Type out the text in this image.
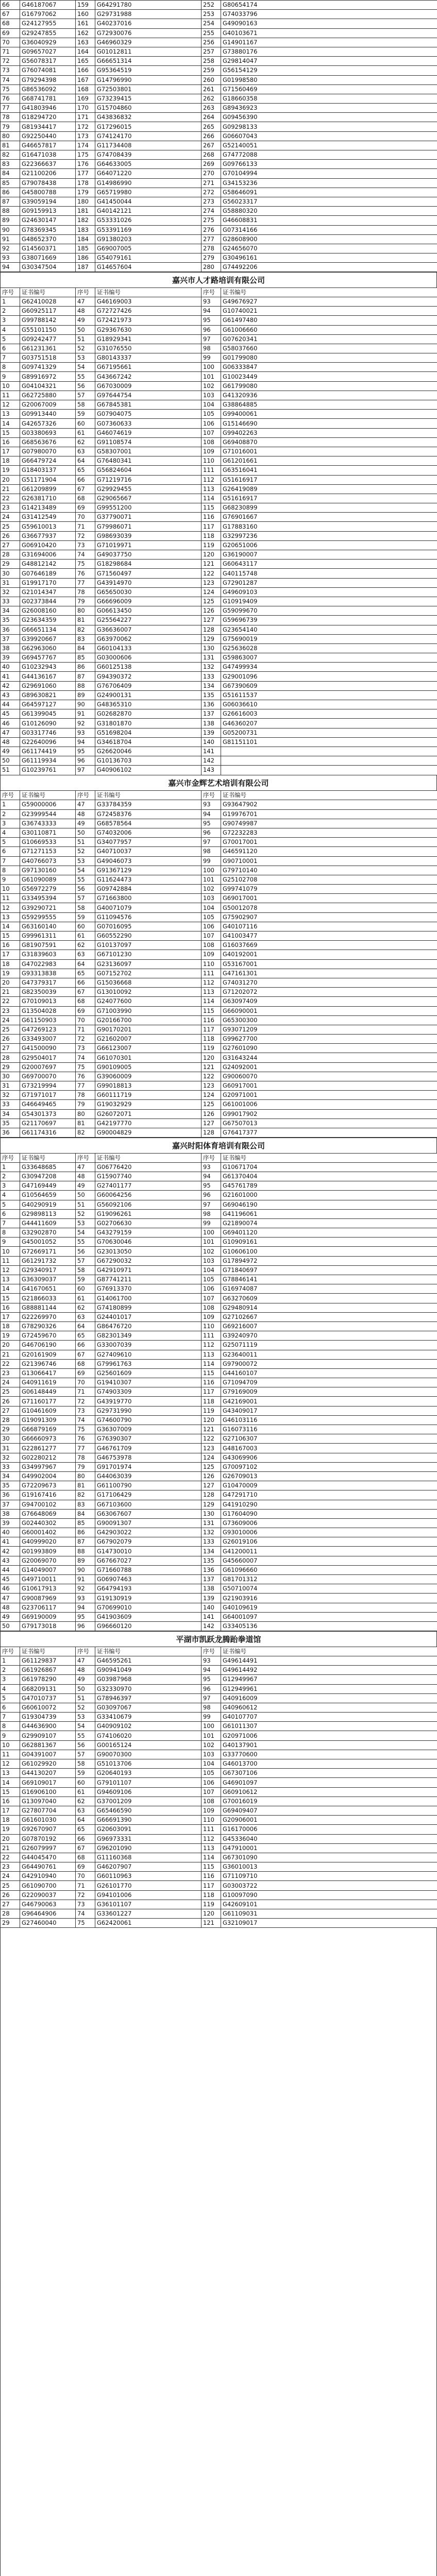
66	G46187067	159	G64291780	252	G80654174
67	G16797062	160	G29731988	253	G74033796
68	G24127955	161	G40237016	254	G49090163
69	G29247855	162	G72930076	255	G40103671
70	G36040929	163	G46960329	256	G14901167
71	G09657027	164	G01012811	257	G73880176
72	G56078317	165	G66651314	258	G29814047
73	G76074081	166	G95364519	259	G56154129
74	G79294398	167	G14796990	260	G01998580
75	G86536092	168	G72503801	261	G71560469
76	G68741781	169	G73239415	262	G18660358
77	G41803946	170	G15704860	263	G89436923
78	G18294720	171	G43836832	264	G09456390
79	G81934417	172	G17296015	265	G09298133
80	G92250440	173	G74124170	266	G06607043
81	G46657817	174	G11734408	267	G52140051
82	G16471038	175	G74708439	268	G74772088
83	G22366637	176	G64633005	269	G09766133
84	G21100206	177	G64071220	270	G70104994
85	G79078438	178	G14986990	271	G34153236
86	G45800788	179	G65719980	272	G58646091
87	G39059194	180	G41450044	273	G56023317
88	G09159913	181	G40142121	274	G58880320
89	G24630147	182	G53331026	275	G46608831
90	G78369345	183	G53391169	276	G07314166
91	G48652370	184	G91380203	277	G28608900
92	G14560371	185	G69007005	278	G24656070
93	G38071669	186	G54079161	279	G30496161
94	G30347504	187	G14657604	280	G74492206
嘉兴市人才路培训有限公司
序号	证书编号	序号	证书编号	序号	证书编号
1	G62410028	47	G46169003	93	G49676927
2	G60925117	48	G72727426	94	G10740021
3	G99788142	49	G72421973	95	G61497480
4	G55101150	50	G29367630	96	G61006660
5	G09242477	51	G18929341	97	G07620341
6	G61231361	52	G31076550	98	G58037660
7	G03751518	53	G80143337	99	G01799080
8	G09741329	54	G67195661	100	G06333847
9	G89916972	55	G43667242	101	G10023449
10	G04104321	56	G67030009	102	G61799080
11	G62725880	57	G97644754	103	G41320936
12	G20067009	58	G67845381	104	G38864885
13	G09913440	59	G07904075	105	G99400061
14	G42657326	60	G07360633	106	G15146690
15	G03380693	61	G46074619	107	G99402263
16	G68563676	62	G91108574	108	G69408870
17	G07980070	63	G58307001	109	G71016001
18	G66479724	64	G76480341	110	G61201661
19	G18403137	65	G56824604	111	G63516041
20	G51171904	66	G71219716	112	G51616917
21	G61209899	67	G29929455	113	G26419089
22	G26381710	68	G29065667	114	G51616917
23	G14213489	69	G99551200	115	G68230899
24	G31412549	70	G37790071	116	G76901667
25	G59610013	71	G79986071	117	G17883160
26	G36677937	72	G98693039	118	G32997236
27	G06910420	73	G71019971	119	G20651006
28	G31694006	74	G49037750	120	G36190007
29	G48812142	75	G18298684	121	G60643117
30	G07646189	76	G71560497	122	G40115748
31	G19917170	77	G43914970	123	G72901287
32	G21014347	78	G65650030	124	G49609103
33	G02373844	79	G66696009	125	G10919409
34	G26008160	80	G06613450	126	G59099670
35	G23634359	81	G25564227	127	G59696739
36	G66651134	82	G36636007	128	G23654140
37	G39920667	83	G63970062	129	G75690019
38	G62963060	84	G60104133	130	G25636028
39	G69457767	85	G03000606	131	G59863007
40	G10232943	86	G60125138	132	G47499934
41	G44136167	87	G94390372	133	G29001096
42	G29691060	88	G76706409	134	G67390609
43	G89630821	89	G24900131	135	G51611537
44	G64597127	90	G48365310	136	G06036610
45	G61399045	91	G02682870	137	G26616003
46	G10126090	92	G31801870	138	G46360207
47	G03317746	93	G51698204	139	G05200731
48	G22640096	94	G34618704	140	G81151101
49	G61174419	95	G26620046	141	
50	G61119934	96	G10136703	142	
51	G10239761	97	G40906102	143	
嘉兴市金辉艺术培训有限公司
序号	证书编号	序号	证书编号	序号	证书编号
1	G59000006	47	G33784359	93	G93647902
2	G23999544	48	G72458376	94	G19976701
3	G36743333	49	G68578564	95	G90749987
4	G30110871	50	G74032006	96	G72232283
5	G10669533	51	G34077957	97	G70017001
6	G71271153	52	G40710037	98	G46591120
7	G40766073	53	G49046073	99	G90710001
8	G97130160	54	G91367129	100	G79710140
9	G61090089	55	G11624473	101	G25102708
10	G56972279	56	G09742884	102	G99741079
11	G33495394	57	G71663800	103	G69017001
12	G39290721	58	G40071079	104	G50012078
13	G59299555	59	G11094576	105	G75902907
14	G63160140	60	G07016095	106	G40107116
15	G99961311	61	G60552290	107	G41003477
16	G81907591	62	G10137097	108	G16037669
17	G31839603	63	G67101230	109	G40192001
18	G47022983	64	G23136097	110	G53167001
19	G93313838	65	G07152702	111	G47161301
20	G47379317	66	G15036668	112	G74031270
21	G82350039	67	G13010092	113	G71202072
22	G70109013	68	G24077600	114	G63097409
23	G13504028	69	G71003990	115	G66090001
24	G61150903	70	G20166700	116	G65300300
25	G47269123	71	G90170201	117	G93071209
26	G33493007	72	G21602007	118	G99627700
27	G41500090	73	G66123007	119	G27601090
28	G29504017	74	G61070301	120	G31643244
29	G20007697	75	G90109005	121	G24092001
30	G69700070	76	G39060009	122	G90060070
31	G73219994	77	G99018813	123	G60917001
32	G71971017	78	G60111719	124	G20971001
33	G46649465	79	G19032929	125	G61001006
34	G54301373	80	G26072071	126	G99017902
35	G21170697	81	G42197770	127	G67507013
36	G61174316	82	G90004829	128	G76417377
嘉兴时阳体育培训有限公司
序号	证书编号	序号	证书编号	序号	证书编号
1	G33648685	47	G06776420	93	G10671704
2	G30947208	48	G15907740	94	G61370404
3	G47169449	49	G27401177	95	G45761789
4	G10564659	50	G60064256	96	G21601000
5	G40290919	51	G56092106	97	G69046190
6	G29898113	52	G19096261	98	G41196061
7	G44411609	53	G02706630	99	G21890074
8	G32902870	54	G43279159	100	G69401120
9	G45001052	55	G70630046	101	G10909161
10	G72669171	56	G23013050	102	G10606100
11	G61291732	57	G67290032	103	G17894972
12	G29340917	58	G42910971	104	G71840697
13	G36309037	59	G87741211	105	G78846141
14	G41670651	60	G76913370	106	G16974087
15	G21866033	61	G14061700	107	G63270609
16	G88881144	62	G74180899	108	G29480914
17	G22269970	63	G24401017	109	G27102667
18	G78290326	64	G86476720	110	G69216007
19	G72459670	65	G82301349	111	G39240970
20	G46706190	66	G33007039	112	G25071119
21	G20161909	67	G27409610	113	G23640011
22	G21396746	68	G79961763	114	G97900072
23	G13066417	69	G25601609	115	G44160107
24	G40911619	70	G19410307	116	G71094709
25	G06148449	71	G74903309	117	G79169009
26	G71160177	72	G43919770	118	G42169001
27	G10461609	73	G29731990	119	G43409017
28	G19091309	74	G74600790	120	G46103116
29	G66879169	75	G36307009	121	G16073116
30	G66660973	76	G76390307	122	G27106307
31	G22861277	77	G46761709	123	G48167003
32	G02280212	78	G46753978	124	G43069906
33	G34997967	79	G91701974	125	G70097102
34	G49902004	80	G44063039	126	G26709013
35	G72209673	81	G61100790	127	G10470009
36	G19167416	82	G17106429	128	G47291710
37	G94700102	83	G67103600	129	G41910290
38	G76648069	84	G63067607	130	G17604090
39	G02440302	85	G90091307	131	G73609006
40	G60001402	86	G42903022	132	G93010006
41	G40999020	87	G67902079	133	G26019106
42	G01993809	88	G14730010	134	G41200011
43	G20069070	89	G67667027	135	G45660007
44	G14049007	90	G71660788	136	G61096660
45	G49710011	91	G06907463	137	G81701312
46	G10617913	92	G64794193	138	G50710074
47	G90087969	93	G19130919	139	G21903916
48	G23706117	94	G70699010	140	G40109619
49	G69190009	95	G41903609	141	G64001097
50	G79173018	96	G96660120	142	G33405136
平湖市凯跃龙腾跆拳道馆
序号	证书编号	序号	证书编号	序号	证书编号
1	G61129837	47	G46595261	93	G49614491
2	G61926867	48	G90941049	94	G49614492
3	G61978290	49	G03987968	95	G12949967
4	G68209131	50	G32330970	96	G12949961
5	G47010737	51	G78946397	97	G40916009
6	G60610072	52	G03097067	98	G40960612
7	G19304739	53	G33410679	99	G40107707
8	G44636900	54	G40909102	100	G61011307
9	G29909107	55	G74106020	101	G20971006
10	G62881367	56	G00165124	102	G40137901
11	G04391007	57	G90070300	103	G33770600
12	G61029920	58	G51013706	104	G46013700
13	G44130207	59	G20640193	105	G67307106
14	G69109017	60	G79101107	106	G46901097
15	G16906100	61	G94609106	107	G60910612
16	G13097040	62	G37001209	108	G70016019
17	G27807704	63	G65466590	109	G69409407
18	G61601030	64	G66691390	110	G20906001
19	G92670907	65	G20603091	111	G16170006
20	G07870192	66	G96973331	112	G45336040
21	G26079997	67	G96201090	113	G47910001
22	G44045470	68	G11160368	114	G67301090
23	G64490761	69	G46207907	115	G36010013
24	G42910940	70	G60110963	116	G71109710
25	G61090700	71	G26101770	117	G03003722
26	G22090037	72	G94101006	118	G10097090
27	G46790063	73	G36101107	119	G42609101
28	G96464906	74	G33601227	120	G61109031
29	G27460040	75	G62420061	121	G32109017
